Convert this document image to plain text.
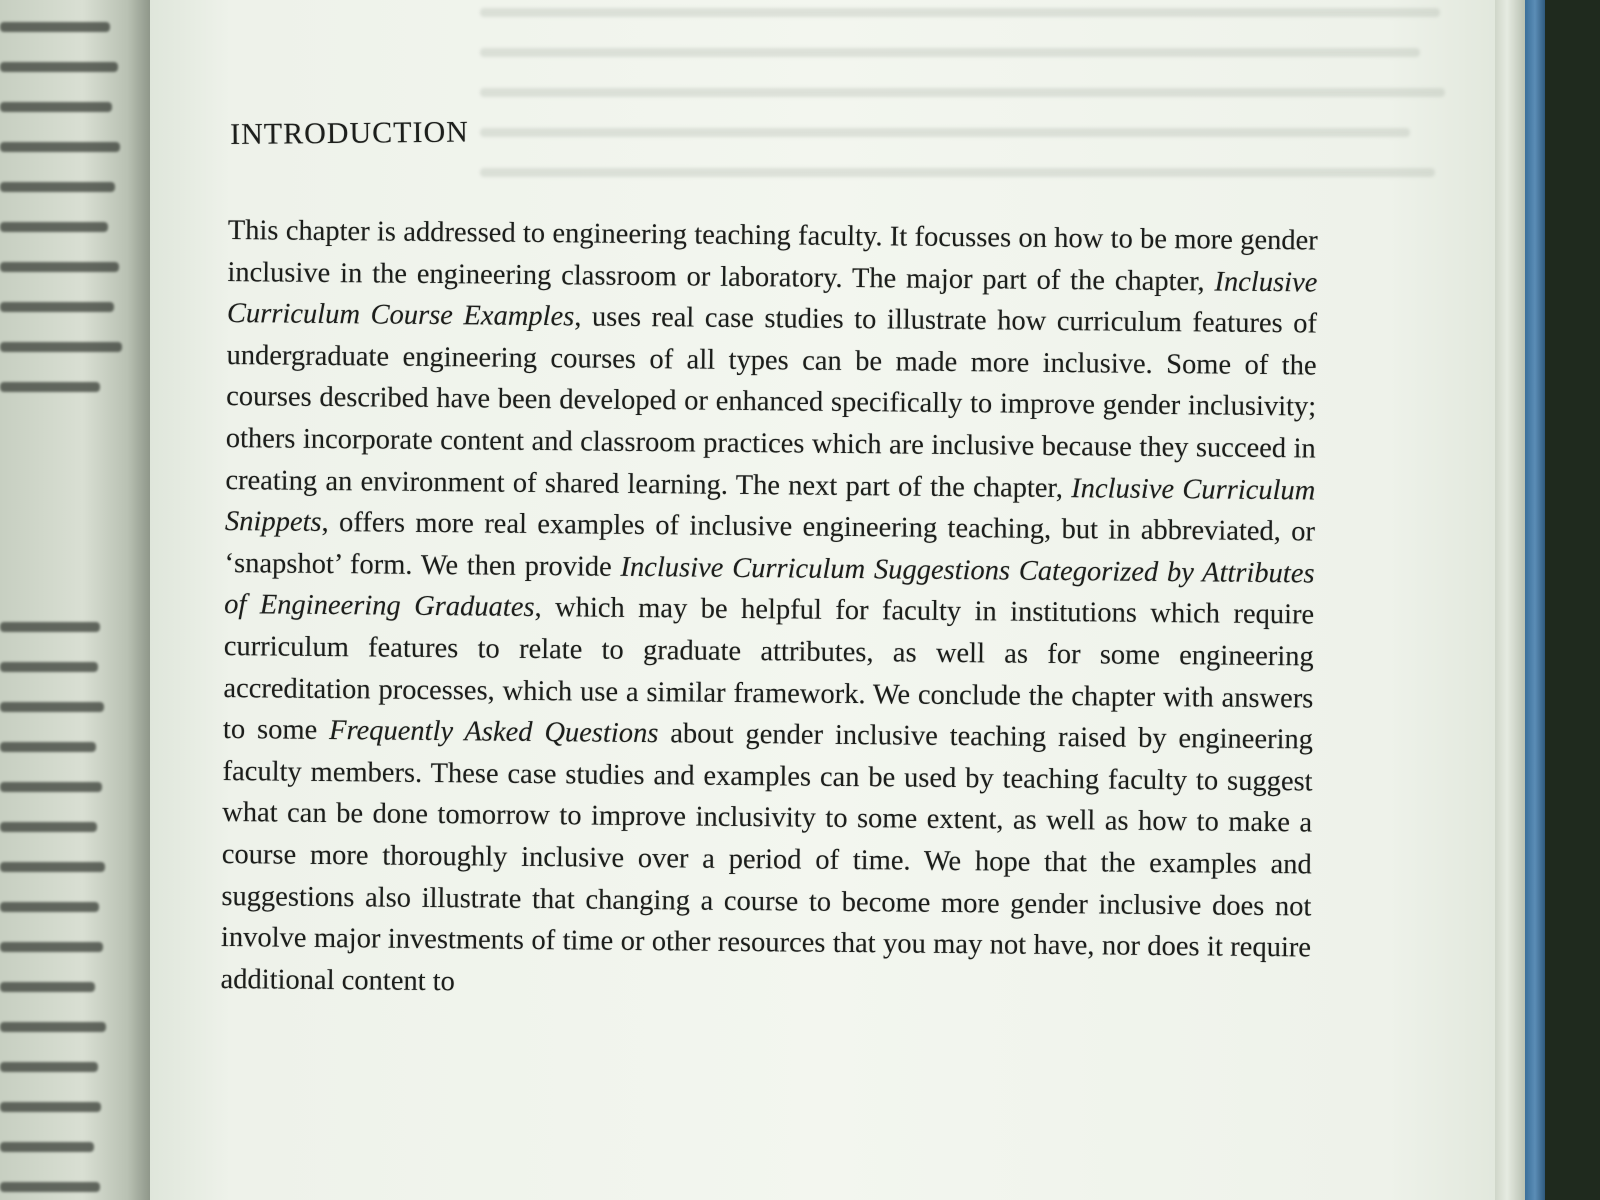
INTRODUCTION

This chapter is addressed to engineering teaching faculty. It focusses on how to be more gender inclusive in the engineering classroom or laboratory. The major part of the chapter, Inclusive Curriculum Course Examples, uses real case studies to illustrate how curriculum features of undergraduate engineering courses of all types can be made more inclusive. Some of the courses described have been developed or enhanced specifically to improve gender inclusivity; others incorporate content and classroom practices which are inclusive because they succeed in creating an environment of shared learning. The next part of the chapter, Inclusive Curriculum Snippets, offers more real examples of inclusive engineering teaching, but in abbreviated, or ‘snapshot’ form. We then provide Inclusive Curriculum Suggestions Categorized by Attributes of Engineering Graduates, which may be helpful for faculty in institutions which require curriculum features to relate to graduate attributes, as well as for some engineering accreditation processes, which use a similar framework. We conclude the chapter with answers to some Frequently Asked Questions about gender inclusive teaching raised by engineering faculty members. These case studies and examples can be used by teaching faculty to suggest what can be done tomorrow to improve inclusivity to some extent, as well as how to make a course more thoroughly inclusive over a period of time. We hope that the examples and suggestions also illustrate that changing a course to become more gender inclusive does not involve major investments of time or other resources that you may not have, nor does it require additional content to
